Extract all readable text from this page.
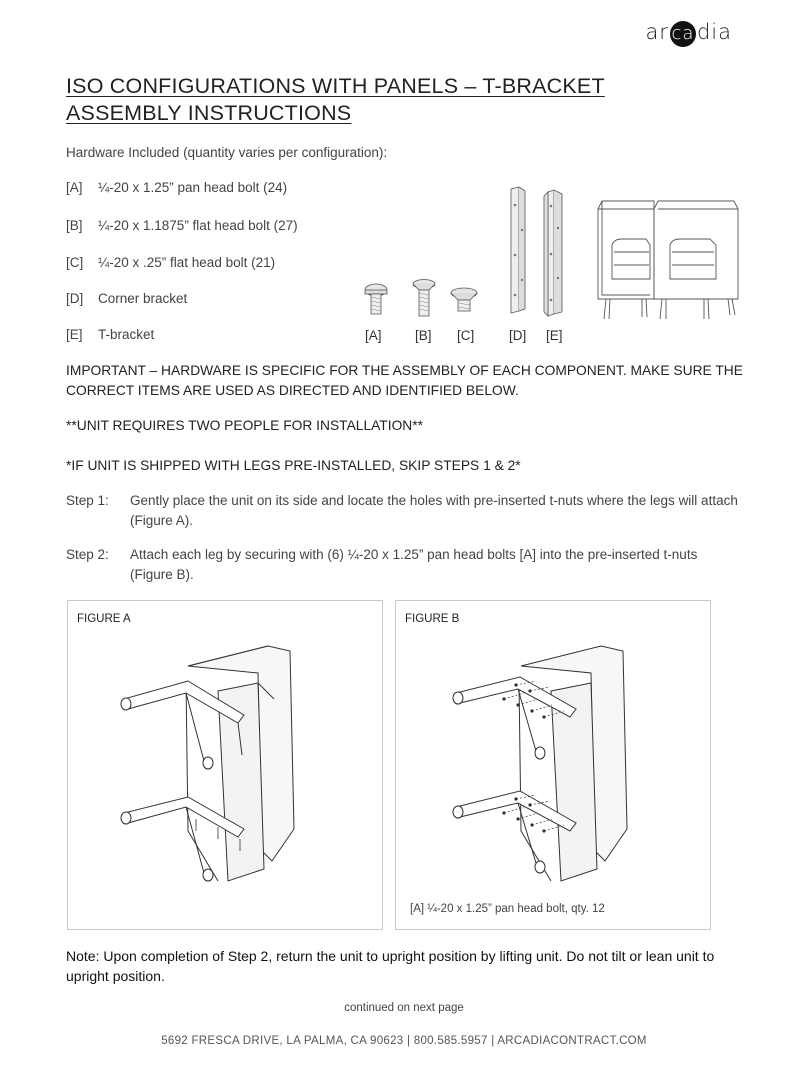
ar ca dia
ISO CONFIGURATIONS WITH PANELS – T-BRACKET
ASSEMBLY INSTRUCTIONS
Hardware Included (quantity varies per configuration):
[A] ¼-20 x 1.25” pan head bolt (24)
[B] ¼-20 x 1.1875” flat head bolt (27)
[C] ¼-20 x .25” flat head bolt (21)
[D] Corner bracket
[E] T-bracket	[A] [B] [C]	[D] [E]
IMPORTANT – HARDWARE IS SPECIFIC FOR THE ASSEMBLY OF EACH COMPONENT. MAKE SURE THE CORRECT ITEMS ARE USED AS DIRECTED AND IDENTIFIED BELOW.
**UNIT REQUIRES TWO PEOPLE FOR INSTALLATION**
*IF UNIT IS SHIPPED WITH LEGS PRE-INSTALLED, SKIP STEPS 1 & 2*
Step 1: Gently place the unit on its side and locate the holes with pre-inserted t-nuts where the legs will attach (Figure A).
Step 2: Attach each leg by securing with (6) ¼-20 x 1.25” pan head bolts [A] into the pre-inserted t-nuts (Figure B).
FIGURE A	FIGURE B
[A] ¼-20 x 1.25” pan head bolt, qty. 12
Note: Upon completion of Step 2, return the unit to upright position by lifting unit. Do not tilt or lean unit to upright position.
continued on next page
5692 FRESCA DRIVE, LA PALMA, CA 90623 | 800.585.5957 | ARCADIACONTRACT.COM
